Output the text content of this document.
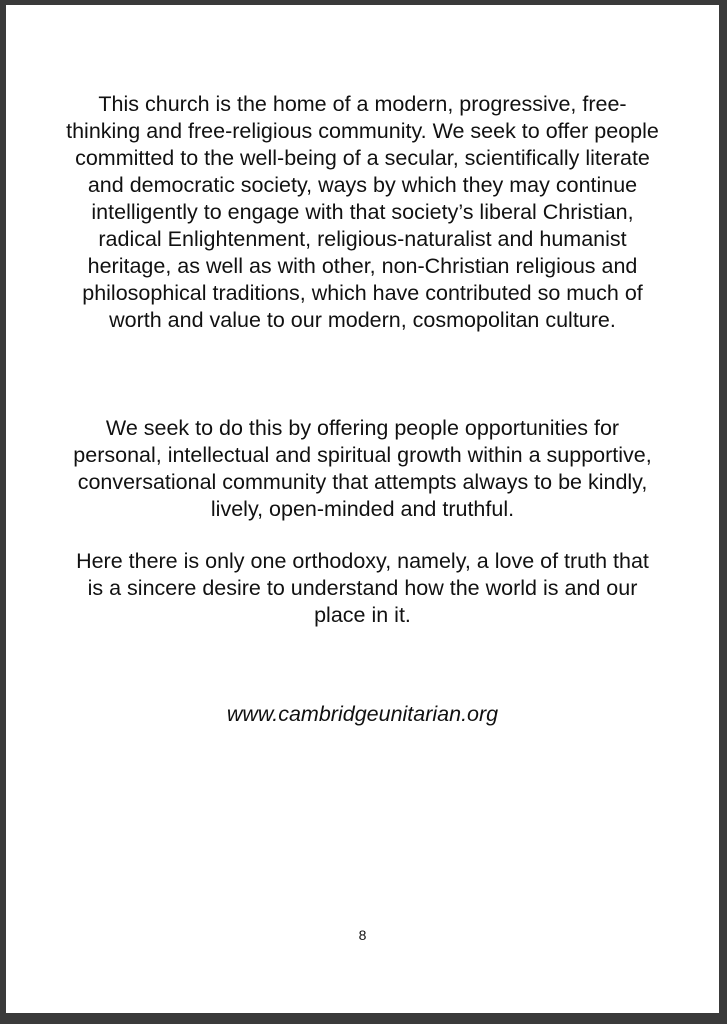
This church is the home of a modern, progressive, free-thinking and free-religious community. We seek to offer people committed to the well-being of a secular, scientifically literate and democratic society, ways by which they may continue intelligently to engage with that society’s liberal Christian, radical Enlightenment, religious-naturalist and humanist heritage, as well as with other, non-Christian religious and philosophical traditions, which have contributed so much of worth and value to our modern, cosmopolitan culture.

We seek to do this by offering people opportunities for personal, intellectual and spiritual growth within a supportive, conversational community that attempts always to be kindly, lively, open-minded and truthful.

Here there is only one orthodoxy, namely, a love of truth that is a sincere desire to understand how the world is and our place in it.

www.cambridgeunitarian.org

8
